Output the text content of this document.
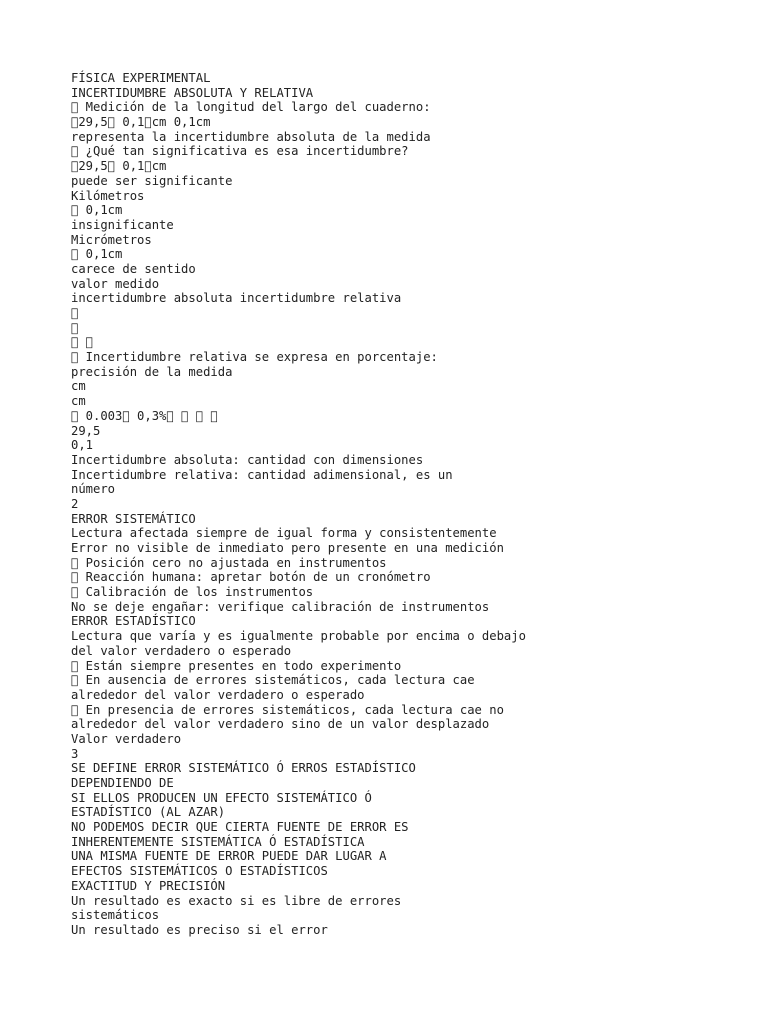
FÍSICA EXPERIMENTAL
INCERTIDUMBRE ABSOLUTA Y RELATIVA
Medición de la longitud del largo del cuaderno:
29,5  0,1 cm 0,1cm
representa la incertidumbre absoluta de la medida
¿Qué tan significativa es esa incertidumbre?
29,5  0,1 cm
puede ser significante
Kilómetros
0,1cm
insignificante
Micrómetros
0,1cm
carece de sentido
valor medido
incertidumbre absoluta incertidumbre relativa

Incertidumbre relativa se expresa en porcentaje:
precisión de la medida
cm
cm
0.003  0,3%
29,5
0,1
Incertidumbre absoluta: cantidad con dimensiones
Incertidumbre relativa: cantidad adimensional, es un
número
2
ERROR SISTEMÁTICO
Lectura afectada siempre de igual forma y consistentemente
Error no visible de inmediato pero presente en una medición
Posición cero no ajustada en instrumentos
Reacción humana: apretar botón de un cronómetro
Calibración de los instrumentos
No se deje engañar: verifique calibración de instrumentos
ERROR ESTADÍSTICO
Lectura que varía y es igualmente probable por encima o debajo
del valor verdadero o esperado
Están siempre presentes en todo experimento
En ausencia de errores sistemáticos, cada lectura cae
alrededor del valor verdadero o esperado
En presencia de errores sistemáticos, cada lectura cae no
alrededor del valor verdadero sino de un valor desplazado
Valor verdadero
3
SE DEFINE ERROR SISTEMÁTICO Ó ERROS ESTADÍSTICO
DEPENDIENDO DE
SI ELLOS PRODUCEN UN EFECTO SISTEMÁTICO Ó
ESTADÍSTICO (AL AZAR)
NO PODEMOS DECIR QUE CIERTA FUENTE DE ERROR ES
INHERENTEMENTE SISTEMÁTICA Ó ESTADÍSTICA
UNA MISMA FUENTE DE ERROR PUEDE DAR LUGAR A
EFECTOS SISTEMÁTICOS O ESTADÍSTICOS
EXACTITUD Y PRECISIÓN
Un resultado es exacto si es libre de errores
sistemáticos
Un resultado es preciso si el error
